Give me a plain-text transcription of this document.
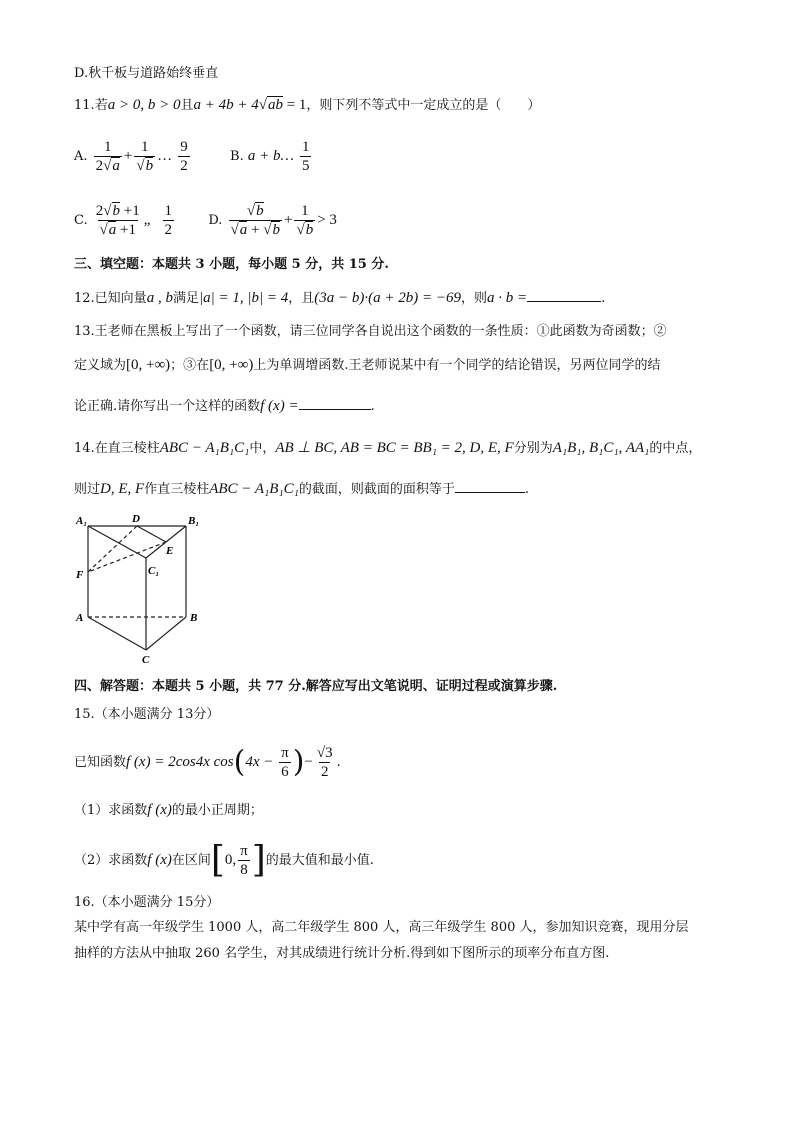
D.秋千板与道路始终垂直
11.若a > 0, b > 0且a + 4b + 4√ab = 1，则下列不等式中一定成立的是（　　）
A. $\frac{1}{2√a} + \frac{1}{√b}$ … $\frac{9}{2}$	B. a + b… $\frac{1}{5}$
C. $\frac{2√b +1}{√a +1}$ „ $\frac{1}{2}$	D. $\frac{√b}{√a + √b} + \frac{1}{√b} > 3$
三、填空题：本题共 3 小题，每小题 5 分，共 15 分.
12.已知向量a , b满足|a| = 1, |b| = 4，且(3a − b)·(a + 2b) = −69，则a · b =	.
13.王老师在黑板上写出了一个函数，请三位同学各自说出这个函数的一条性质：①此函数为奇函数；②
定义域为[0, +∞)；③在[0, +∞)上为单调增函数.王老师说某中有一个同学的结论错误，另两位同学的结
论正确.请你写出一个这样的函数f (x) =	.
14.在直三棱柱ABC − A₁B₁C₁中，AB ⊥ BC, AB = BC = BB₁ = 2, D, E, F分别为A₁B₁, B₁C₁, AA₁的中点，
则过D, E, F作直三棱柱ABC − A₁B₁C₁的截面，则截面的面积等于	.
A₁	D	B₁
E
F	C₁
A	B
C
四、解答题：本题共 5 小题，共 77 分.解答应写出文笔说明、证明过程或演算步骤.
15.（本小题满分 13分）
已知函数f (x) = 2cos4x $\cos(4x - \frac{\pi}{6}$ )− $\frac{√3}{2}$ .
（1）求函数f (x)的最小正周期；
（2）求函数f (x)在区间[0, $\frac{\pi}{8}$ ]的最大值和最小值.
16.（本小题满分 15分）
某中学有高一年级学生 1000 人，高二年级学生 800 人，高三年级学生 800 人，参加知识竞赛，现用分层
抽样的方法从中抽取 260 名学生，对其成绩进行统计分析.得到如下图所示的顼率分布直方图.
